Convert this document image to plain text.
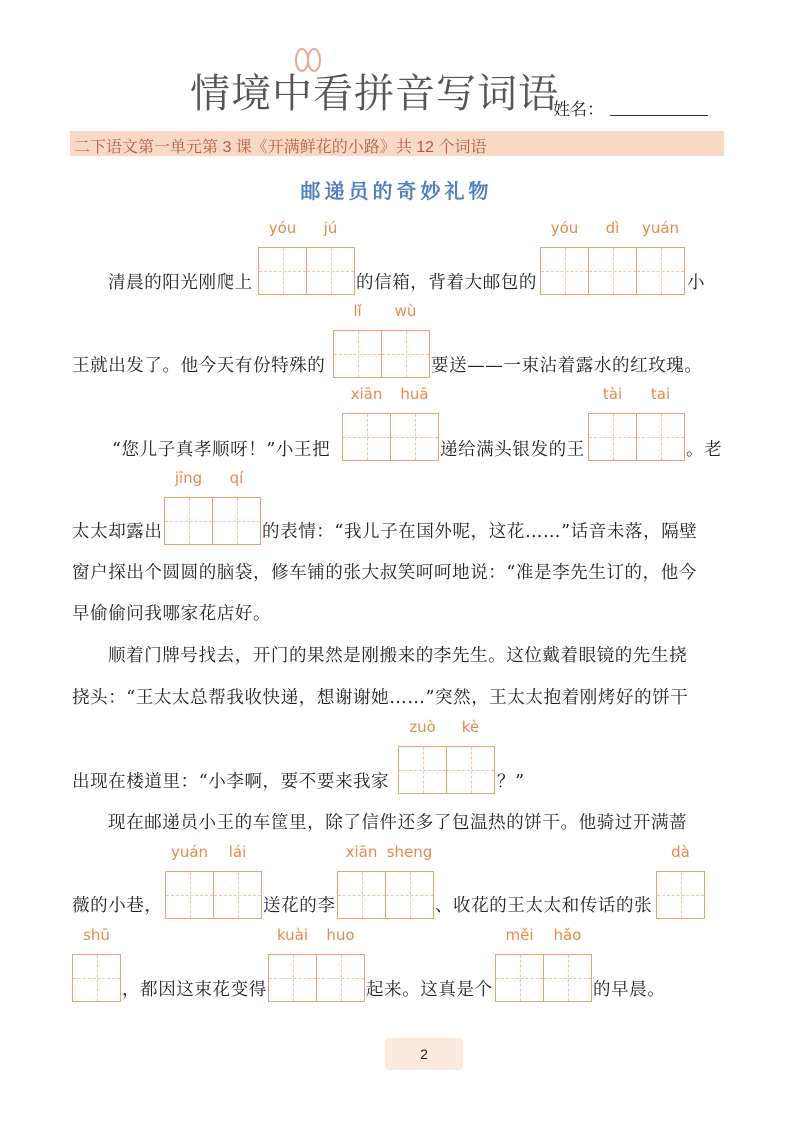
情境中看拼音写词语
姓名：
二下语文第一单元第 3 课《开满鲜花的小路》共 12 个词语
邮递员的奇妙礼物
清晨的阳光刚爬上
yóu	jú
的信箱，背着大邮包的
yóu	dì	yuán
小
王就出发了。他今天有份特殊的
lǐ	wù
要送——一束沾着露水的红玫瑰。
“您儿子真孝顺呀！”小王把
xiān	huā
递给满头银发的王
tài	tai
。老
太太却露出
jīng	qí
的表情：“我儿子在国外呢，这花……”话音未落，隔壁
窗户探出个圆圆的脑袋，修车铺的张大叔笑呵呵地说：“准是李先生订的，他今
早偷偷问我哪家花店好。
顺着门牌号找去，开门的果然是刚搬来的李先生。这位戴着眼镜的先生挠
挠头：“王太太总帮我收快递，想谢谢她……”突然，王太太抱着刚烤好的饼干
出现在楼道里：“小李啊，要不要来我家
zuò	kè
？”
现在邮递员小王的车筐里，除了信件还多了包温热的饼干。他骑过开满蔷
薇的小巷，
yuán	lái
送花的李
xiān sheng
、收花的王太太和传话的张
dà
shū
，都因这束花变得
kuài	huo
起来。这真是个
měi	hǎo
的早晨。
2
